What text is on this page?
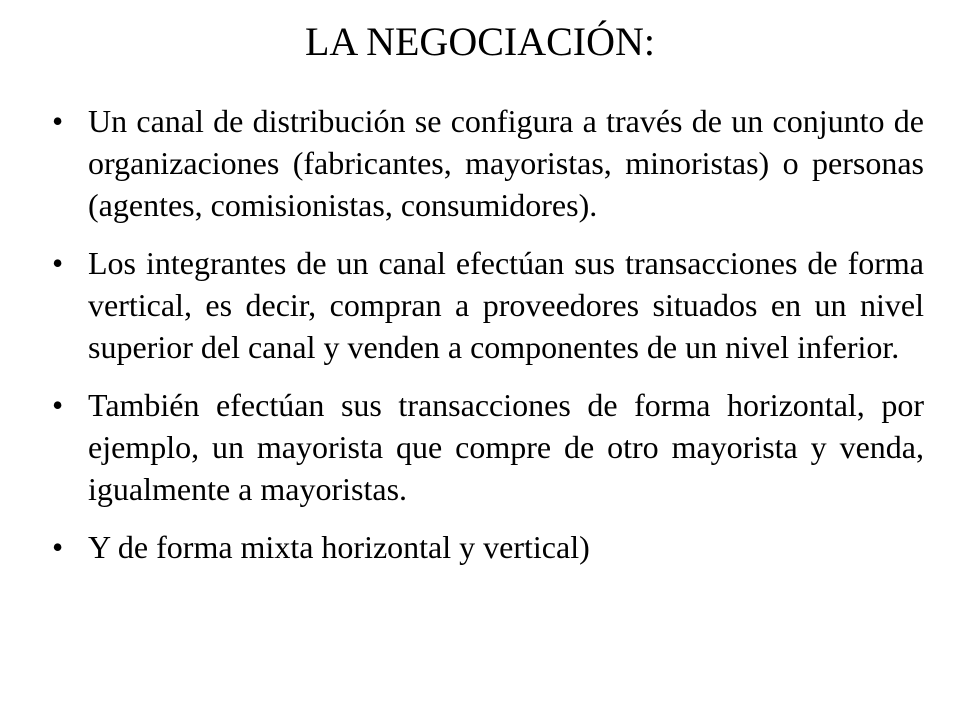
LA NEGOCIACIÓN:
• Un canal de distribución se configura a través de un conjunto de organizaciones (fabricantes, mayoristas, minoristas) o personas (agentes, comisionistas, consumidores).
• Los integrantes de un canal efectúan sus transacciones de forma vertical, es decir, compran a proveedores situados en un nivel superior del canal y venden a componentes de un nivel inferior.
• También efectúan sus transacciones de forma horizontal, por ejemplo, un mayorista que compre de otro mayorista y venda, igualmente a mayoristas.
• Y de forma mixta horizontal y vertical)
